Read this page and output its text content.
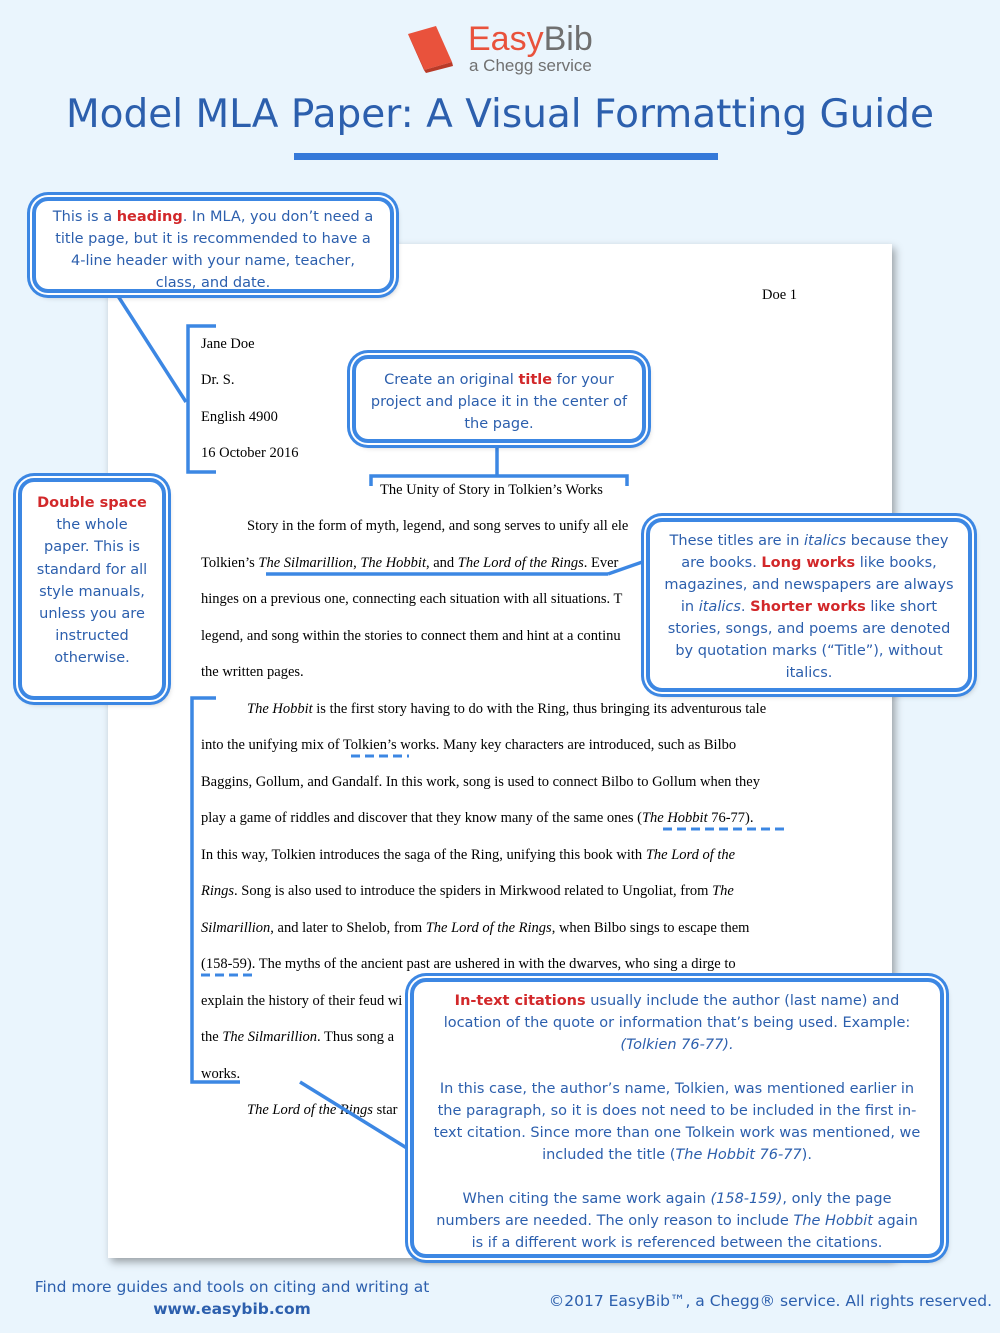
EasyBib
a Chegg service
Model MLA Paper: A Visual Formatting Guide
Doe 1
Jane Doe
Dr. S.
English 4900
16 October 2016
The Unity of Story in Tolkien’s Works
Story in the form of myth, legend, and song serves to unify all ele
Tolkien’s The Silmarillion, The Hobbit, and The Lord of the Rings. Ever
hinges on a previous one, connecting each situation with all situations. T
legend, and song within the stories to connect them and hint at a continu
the written pages.
The Hobbit is the first story having to do with the Ring, thus bringing its adventurous tale
into the unifying mix of Tolkien’s works. Many key characters are introduced, such as Bilbo
Baggins, Gollum, and Gandalf. In this work, song is used to connect Bilbo to Gollum when they
play a game of riddles and discover that they know many of the same ones (The Hobbit 76-77).
In this way, Tolkien introduces the saga of the Ring, unifying this book with The Lord of the
Rings. Song is also used to introduce the spiders in Mirkwood related to Ungoliat, from The
Silmarillion, and later to Shelob, from The Lord of the Rings, when Bilbo sings to escape them
(158-59). The myths of the ancient past are ushered in with the dwarves, who sing a dirge to
explain the history of their feud wi
the The Silmarillion. Thus song a
works.
The Lord of the Rings star
This is a heading. In MLA, you don’t need a title page, but it is recommended to have a 4-line header with your name, teacher, class, and date.
Create an original title for your project and place it in the center of the page.
Double space the whole paper. This is standard for all style manuals, unless you are instructed otherwise.
These titles are in italics because they are books. Long works like books, magazines, and newspapers are always in italics. Shorter works like short stories, songs, and poems are denoted by quotation marks (“Title”), without italics.
In-text citations usually include the author (last name) and location of the quote or information that’s being used. Example: (Tolkien 76-77).
In this case, the author’s name, Tolkien, was mentioned earlier in the paragraph, so it is does not need to be included in the first in-text citation. Since more than one Tolkein work was mentioned, we included the title (The Hobbit 76-77).
When citing the same work again (158-159), only the page numbers are needed. The only reason to include The Hobbit again is if a different work is referenced between the citations.
Find more guides and tools on citing and writing at
www.easybib.com	©2017 EasyBib™, a Chegg® service. All rights reserved.
